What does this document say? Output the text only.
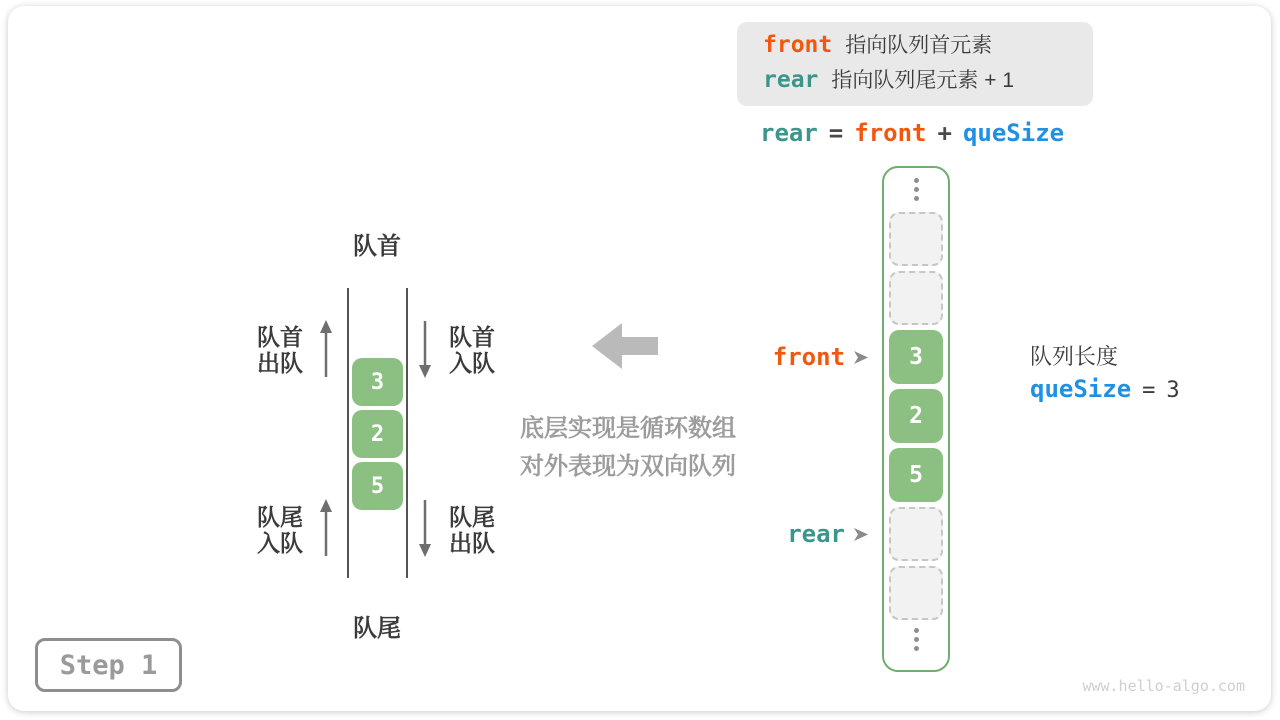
front 指向队列首元素
rear 指向队列尾元素 + 1
rear = front + queSize
队首
3
2
5
队首
出队
队首
入队
队尾
入队
队尾
出队
队尾
底层实现是循环数组
对外表现为双向队列
3
2
5
front
rear
队列长度
queSize = 3
Step 1
www.hello-algo.com
